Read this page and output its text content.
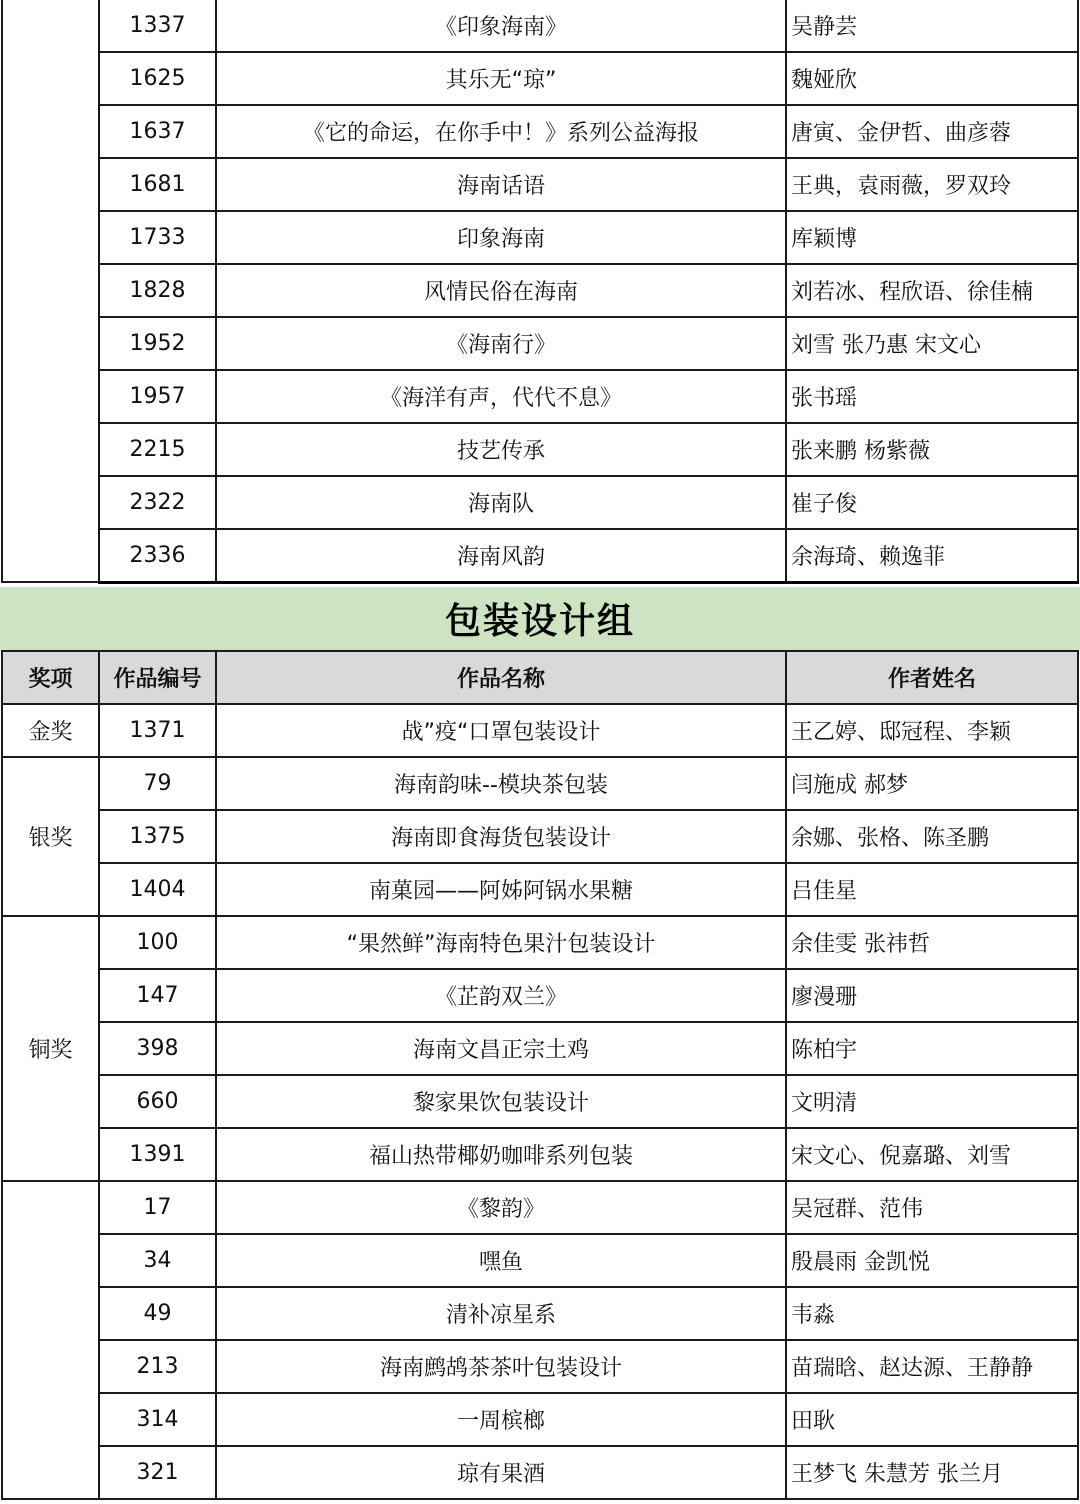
	1337	《印象海南》	吴静芸
	1625	其乐无“琼”	魏娅欣
	1637	《它的命运，在你手中！》系列公益海报	唐寅、金伊哲、曲彦蓉
	1681	海南话语	王典，袁雨薇，罗双玲
	1733	印象海南	库颖博
	1828	风情民俗在海南	刘若冰、程欣语、徐佳楠
	1952	《海南行》	刘雪 张乃惠 宋文心
	1957	《海洋有声，代代不息》	张书瑶
	2215	技艺传承	张来鹏 杨紫薇
	2322	海南队	崔子俊
	2336	海南风韵	余海琦、赖逸菲
包装设计组
奖项	作品编号	作品名称	作者姓名
金奖	1371	战”疫“口罩包装设计	王乙婷、邸冠程、李颖
银奖	79	海南韵味--模块茶包装	闫施成 郝梦
	1375	海南即食海货包装设计	余娜、张格、陈圣鹏
	1404	南菓园——阿姊阿锅水果糖	吕佳星
铜奖	100	“果然鲜”海南特色果汁包装设计	余佳雯 张祎哲
	147	《芷韵双兰》	廖漫珊
	398	海南文昌正宗土鸡	陈柏宇
	660	黎家果饮包装设计	文明清
	1391	福山热带椰奶咖啡系列包装	宋文心、倪嘉璐、刘雪
	17	《黎韵》	吴冠群、范伟
	34	嘿鱼	殷晨雨 金凯悦
	49	清补凉星系	韦淼
	213	海南鹧鸪茶茶叶包装设计	苗瑞晗、赵达源、王静静
	314	一周槟榔	田耿
	321	琼有果酒	王梦飞 朱慧芳 张兰月
